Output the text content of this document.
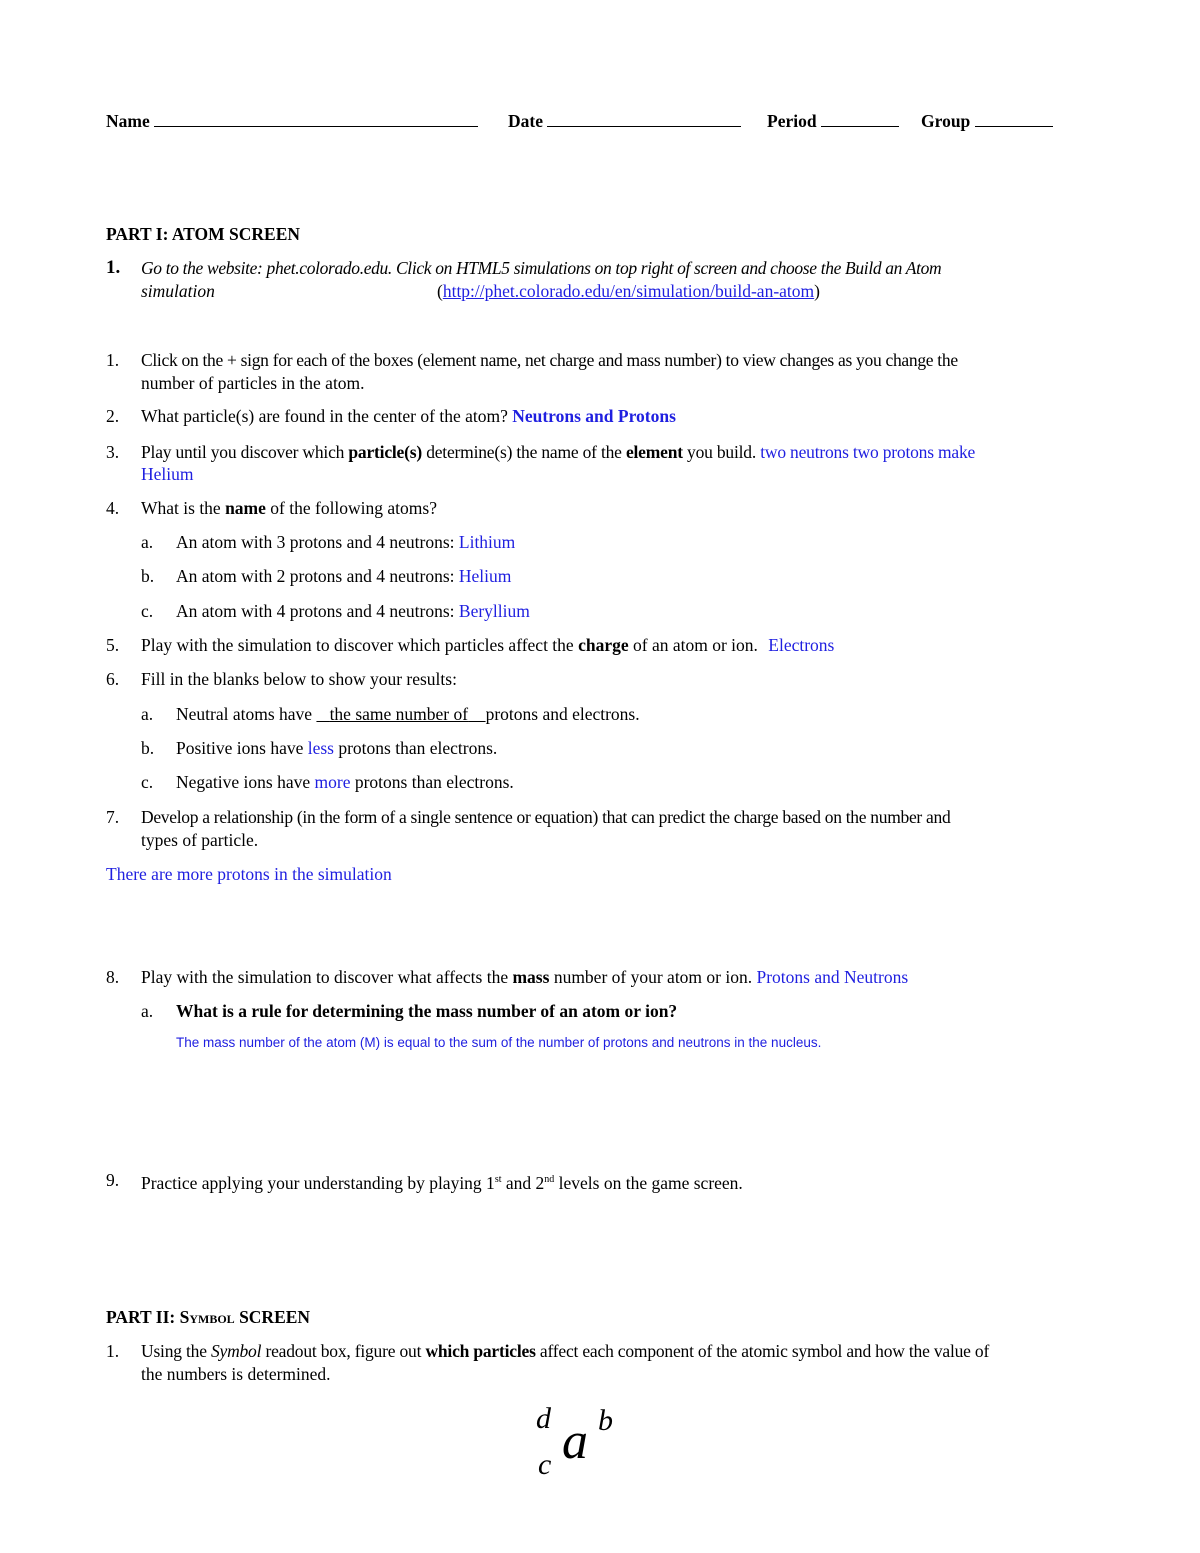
Name	Date	Period	Group
PART I: ATOM SCREEN
1. Go to the website: phet.colorado.edu. Click on HTML5 simulations on top right of screen and choose the Build an Atom
simulation	(http://phet.colorado.edu/en/simulation/build-an-atom)
1. Click on the + sign for each of the boxes (element name, net charge and mass number) to view changes as you change the
number of particles in the atom.
2. What particle(s) are found in the center of the atom? Neutrons and Protons
3. Play until you discover which particle(s) determine(s) the name of the element you build. two neutrons two protons make
Helium
4. What is the name of the following atoms?
a. An atom with 3 protons and 4 neutrons: Lithium
b. An atom with 2 protons and 4 neutrons: Helium
c. An atom with 4 protons and 4 neutrons: Beryllium
5. Play with the simulation to discover which particles affect the charge of an atom or ion. Electrons
6. Fill in the blanks below to show your results:
a. Neutral atoms have the same number of protons and electrons.
b. Positive ions have less protons than electrons.
c. Negative ions have more protons than electrons.
7. Develop a relationship (in the form of a single sentence or equation) that can predict the charge based on the number and
types of particle.
There are more protons in the simulation
8. Play with the simulation to discover what affects the mass number of your atom or ion. Protons and Neutrons
a. What is a rule for determining the mass number of an atom or ion?
The mass number of the atom (M) is equal to the sum of the number of protons and neutrons in the nucleus.
9. Practice applying your understanding by playing 1st and 2nd levels on the game screen.
PART II: Symbol SCREEN
1. Using the Symbol readout box, figure out which particles affect each component of the atomic symbol and how the value of
the numbers is determined.
d a b
c
